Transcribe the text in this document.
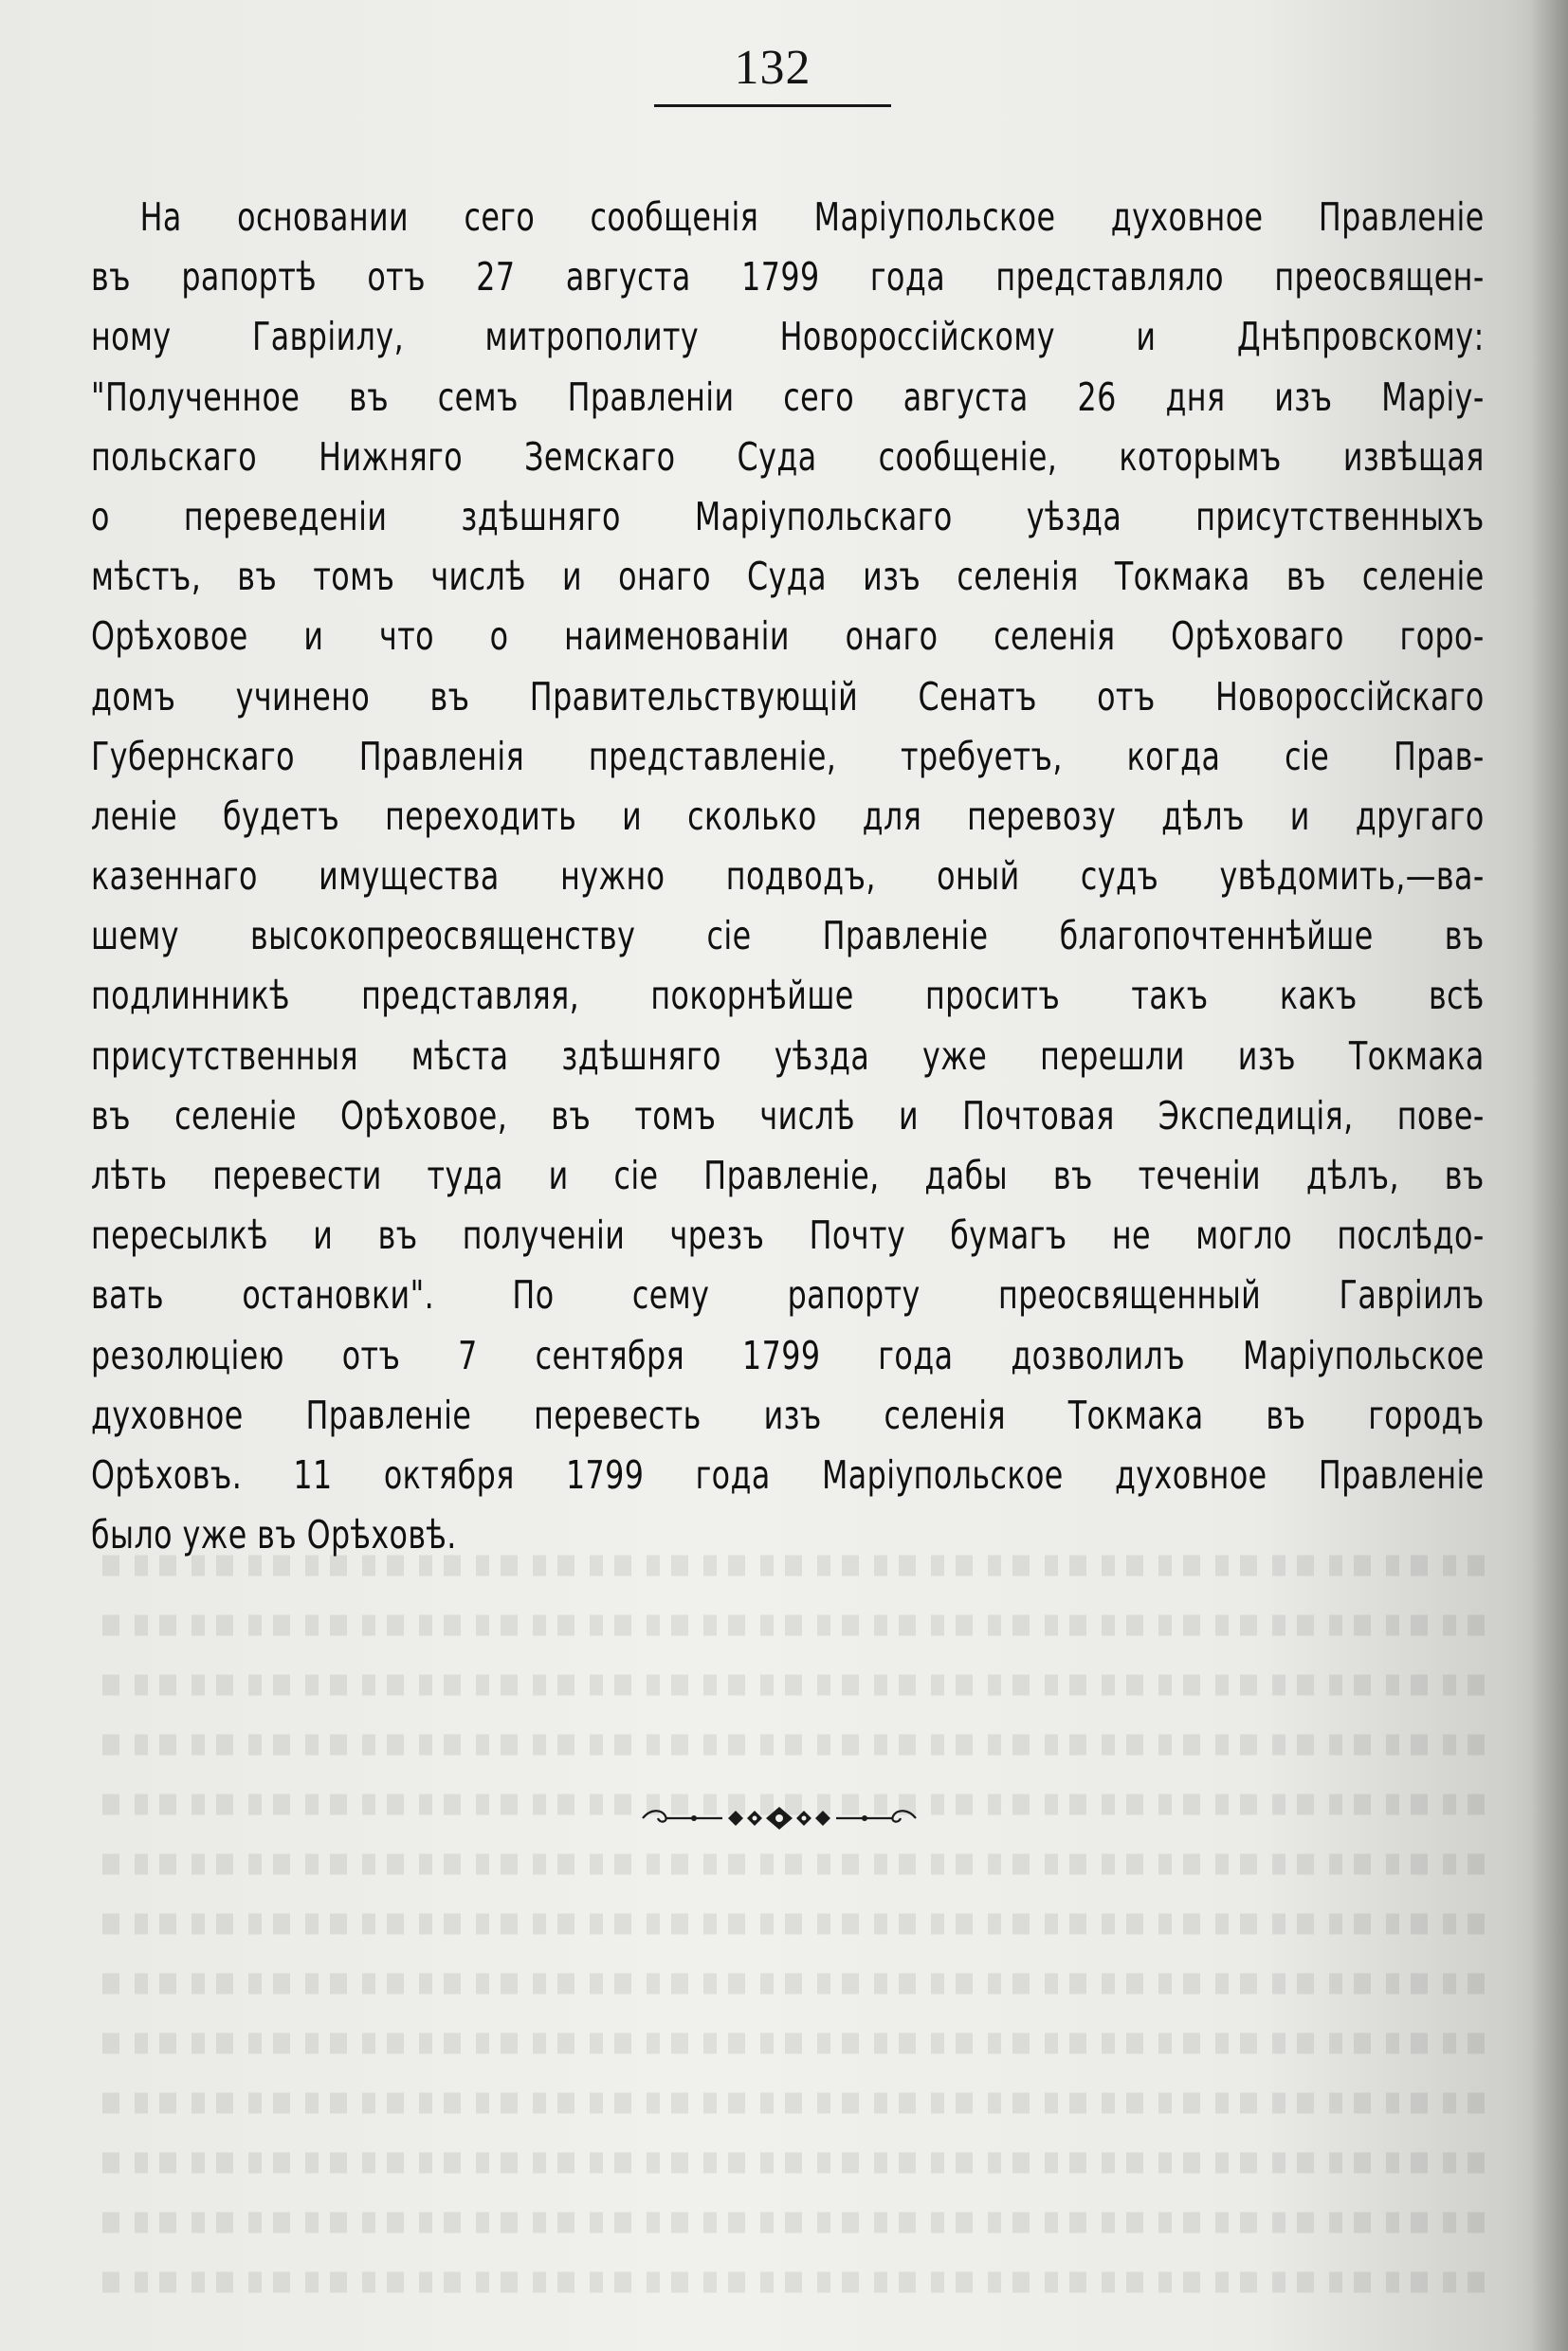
132
На основании сего сообщенія Маріупольское духовное Правленіе
въ рапортѣ отъ 27 августа 1799 года представляло преосвящен-
ному Гавріилу, митрополиту Новороссійскому и Днѣпровскому:
"Полученное въ семъ Правленіи сего августа 26 дня изъ Маріу-
польскаго Нижняго Земскаго Суда сообщеніе, которымъ извѣщая
о переведеніи здѣшняго Маріупольскаго уѣзда присутственныхъ
мѣстъ, въ томъ числѣ и онаго Суда изъ селенія Токмака въ селеніе
Орѣховое и что о наименованіи онаго селенія Орѣховаго горо-
домъ учинено въ Правительствующій Сенатъ отъ Новороссійскаго
Губернскаго Правленія представленіе, требуетъ, когда сіе Прав-
леніе будетъ переходить и сколько для перевозу дѣлъ и другаго
казеннаго имущества нужно подводъ, оный судъ увѣдомить,—ва-
шему высокопреосвященству сіе Правленіе благопочтеннѣйше въ
подлинникѣ представляя, покорнѣйше проситъ такъ какъ всѣ
присутственныя мѣста здѣшняго уѣзда уже перешли изъ Токмака
въ селеніе Орѣховое, въ томъ числѣ и Почтовая Экспедиція, пове-
лѣть перевести туда и сіе Правленіе, дабы въ теченіи дѣлъ, въ
пересылкѣ и въ полученіи чрезъ Почту бумагъ не могло послѣдо-
вать остановки". По сему рапорту преосвященный Гавріилъ
резолюціею отъ 7 сентября 1799 года дозволилъ Маріупольское
духовное Правленіе перевесть изъ селенія Токмака въ городъ
Орѣховъ. 11 октября 1799 года Маріупольское духовное Правленіе
было уже въ Орѣховѣ.
